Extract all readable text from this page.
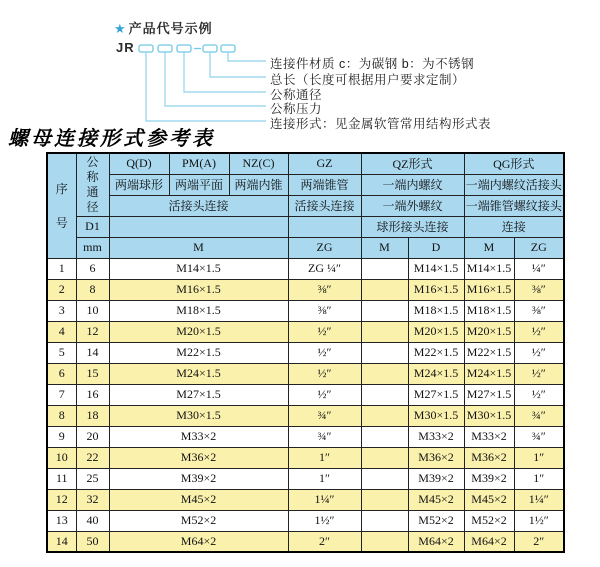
★ 产品代号示例
JR
连接件材质 c：为碳钢 b：为不锈钢
总长（长度可根据用户要求定制）
公称通径
公称压力
连接形式：见金属软管常用结构形式表
螺母连接形式参考表
序号	公称通径	Q(D)	PM(A)	NZ(C)	GZ	QZ形式		QG形式	
		两端球形	两端平面	两端内锥	两端锥管	一端内螺纹		一端内螺纹活接头	
		活接头连接			活接头连接	一端外螺纹		一端锥管螺纹接头	
	D1					球形接头连接		连接	
	mm	M			ZG	M	D	M	ZG
1	6	M14×1.5			ZG ¼″		M14×1.5	M14×1.5	¼″
2	8	M16×1.5			⅜″		M16×1.5	M16×1.5	⅜″
3	10	M18×1.5			⅜″		M18×1.5	M18×1.5	⅜″
4	12	M20×1.5			½″		M20×1.5	M20×1.5	½″
5	14	M22×1.5			½″		M22×1.5	M22×1.5	½″
6	15	M24×1.5			½″		M24×1.5	M24×1.5	½″
7	16	M27×1.5			½″		M27×1.5	M27×1.5	½″
8	18	M30×1.5			¾″		M30×1.5	M30×1.5	¾″
9	20	M33×2			¾″		M33×2	M33×2	¾″
10	22	M36×2			1″		M36×2	M36×2	1″
11	25	M39×2			1″		M39×2	M39×2	1″
12	32	M45×2			1¼″		M45×2	M45×2	1¼″
13	40	M52×2			1½″		M52×2	M52×2	1½″
14	50	M64×2			2″		M64×2	M64×2	2″
